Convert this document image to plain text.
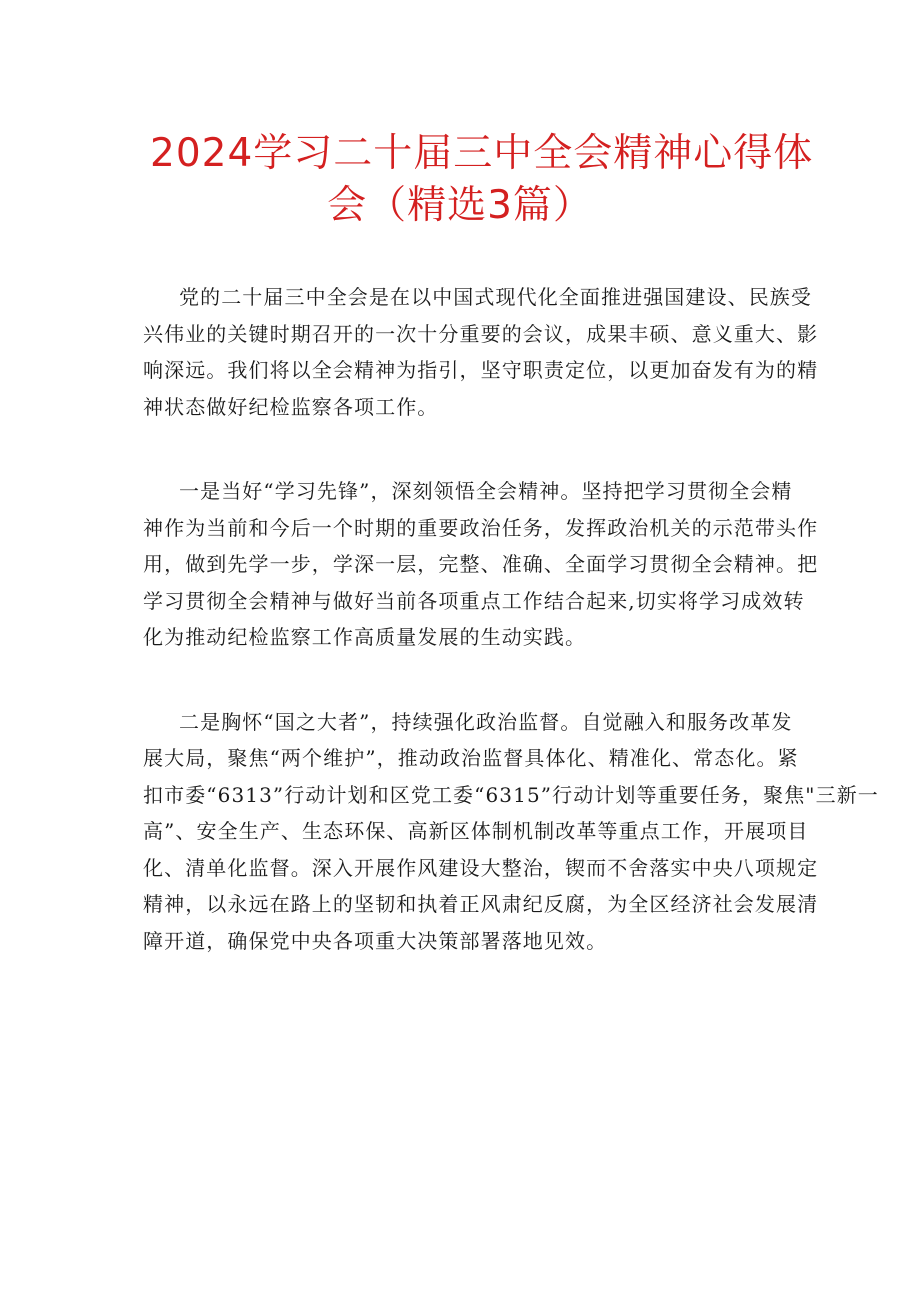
2024学习二十届三中全会精神心得体
会（精选3篇）

党的二十届三中全会是在以中国式现代化全面推进强国建设、民族受
兴伟业的关键时期召开的一次十分重要的会议，成果丰硕、意义重大、影
响深远。我们将以全会精神为指引，坚守职责定位，以更加奋发有为的精
神状态做好纪检监察各项工作。

一是当好“学习先锋”，深刻领悟全会精神。坚持把学习贯彻全会精
神作为当前和今后一个时期的重要政治任务，发挥政治机关的示范带头作
用，做到先学一步，学深一层，完整、准确、全面学习贯彻全会精神。把
学习贯彻全会精神与做好当前各项重点工作结合起来,切实将学习成效转
化为推动纪检监察工作高质量发展的生动实践。

二是胸怀“国之大者”，持续强化政治监督。自觉融入和服务改革发
展大局，聚焦“两个维护”，推动政治监督具体化、精准化、常态化。紧
扣市委“6313”行动计划和区党工委“6315”行动计划等重要任务，聚焦"三新一
高”、安全生产、生态环保、高新区体制机制改革等重点工作，开展项目
化、清单化监督。深入开展作风建设大整治，锲而不舍落实中央八项规定
精神，以永远在路上的坚韧和执着正风肃纪反腐，为全区经济社会发展清
障开道，确保党中央各项重大决策部署落地见效。
